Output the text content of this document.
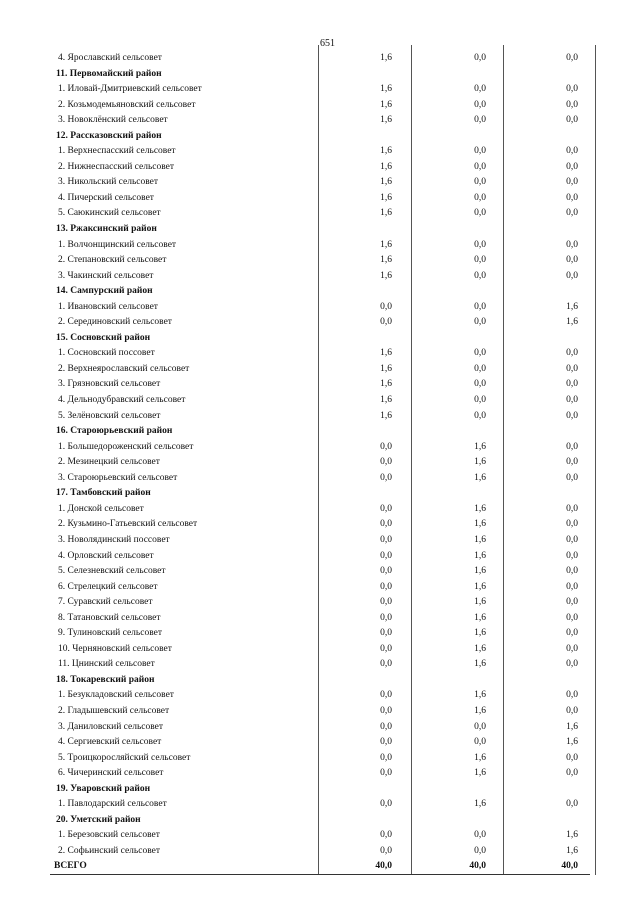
651
4. Ярославский сельсовет	1,6	0,0	0,0
11. Первомайский район
1. Иловай-Дмитриевский сельсовет	1,6	0,0	0,0
2. Козьмодемьяновский сельсовет	1,6	0,0	0,0
3. Новоклёнский сельсовет	1,6	0,0	0,0
12. Рассказовский район
1. Верхнеспасский сельсовет	1,6	0,0	0,0
2. Нижнеспасский сельсовет	1,6	0,0	0,0
3. Никольский сельсовет	1,6	0,0	0,0
4. Пичерский сельсовет	1,6	0,0	0,0
5. Саюкинский сельсовет	1,6	0,0	0,0
13. Ржаксинский район
1. Волчонщинский сельсовет	1,6	0,0	0,0
2. Степановский сельсовет	1,6	0,0	0,0
3. Чакинский сельсовет	1,6	0,0	0,0
14. Сампурский район
1. Ивановский сельсовет	0,0	0,0	1,6
2. Серединовский сельсовет	0,0	0,0	1,6
15. Сосновский район
1. Сосновский поссовет	1,6	0,0	0,0
2. Верхнеярославский сельсовет	1,6	0,0	0,0
3. Грязновский сельсовет	1,6	0,0	0,0
4. Дельнодубравский сельсовет	1,6	0,0	0,0
5. Зелёновский сельсовет	1,6	0,0	0,0
16. Староюрьевский район
1. Большедороженский сельсовет	0,0	1,6	0,0
2. Мезинецкий сельсовет	0,0	1,6	0,0
3. Староюрьевский сельсовет	0,0	1,6	0,0
17. Тамбовский район
1. Донской сельсовет	0,0	1,6	0,0
2. Кузьмино-Гатьевский сельсовет	0,0	1,6	0,0
3. Новолядинский поссовет	0,0	1,6	0,0
4. Орловский сельсовет	0,0	1,6	0,0
5. Селезневский сельсовет	0,0	1,6	0,0
6. Стрелецкий сельсовет	0,0	1,6	0,0
7. Суравский сельсовет	0,0	1,6	0,0
8. Татановский сельсовет	0,0	1,6	0,0
9. Тулиновский сельсовет	0,0	1,6	0,0
10. Черняновский сельсовет	0,0	1,6	0,0
11. Цнинский сельсовет	0,0	1,6	0,0
18. Токаревский район
1. Безукладовский сельсовет	0,0	1,6	0,0
2. Гладышевский сельсовет	0,0	1,6	0,0
3. Даниловский сельсовет	0,0	0,0	1,6
4. Сергиевский сельсовет	0,0	0,0	1,6
5. Троицкоросляйский сельсовет	0,0	1,6	0,0
6. Чичеринский сельсовет	0,0	1,6	0,0
19. Уваровский район
1. Павлодарский сельсовет	0,0	1,6	0,0
20. Уметский район
1. Березовский сельсовет	0,0	0,0	1,6
2. Софьинский сельсовет	0,0	0,0	1,6
ВСЕГО	40,0	40,0	40,0
